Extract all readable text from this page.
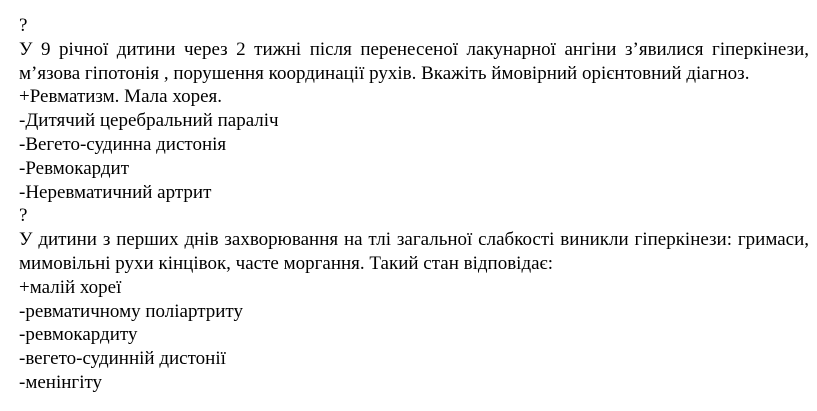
?
У 9 річної дитини через 2 тижні після перенесеної лакунарної ангіни з’явилися гіперкінези, м’язова гіпотонія , порушення координації рухів. Вкажіть ймовірний орієнтовний діагноз.
+Ревматизм. Мала хорея.
-Дитячий церебральний параліч
-Вегето-судинна дистонія
-Ревмокардит
-Неревматичний артрит
?
У дитини з перших днів захворювання на тлі загальної слабкості виникли гіперкінези: гримаси, мимовільні рухи кінцівок, часте моргання. Такий стан відповідає:
+малій хореї
-ревматичному поліартриту
-ревмокардиту
-вегето-судинній дистонії
-менінгіту
